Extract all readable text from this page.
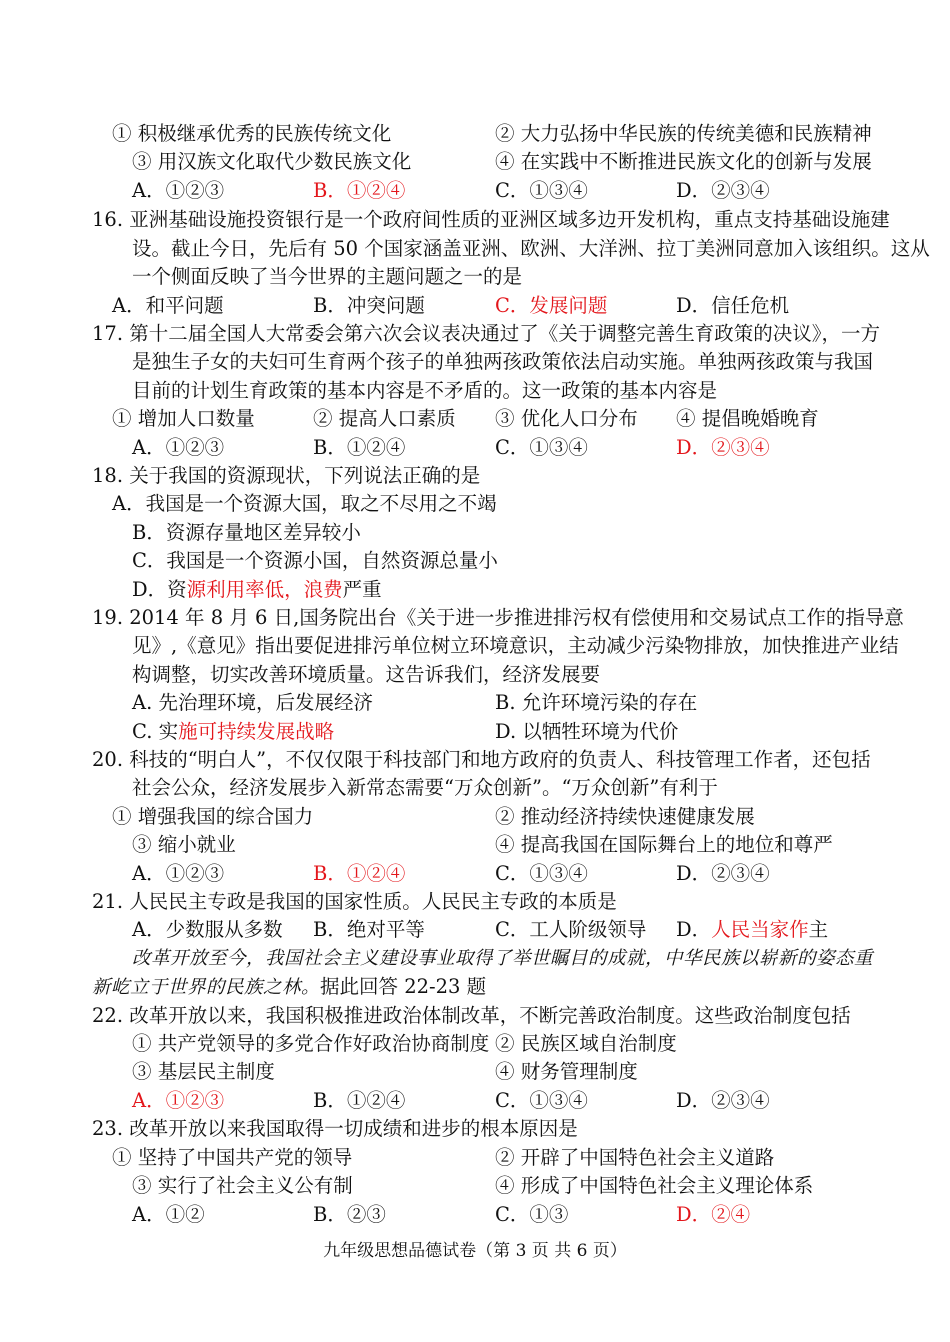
① 积极继承优秀的民族传统文化	② 大力弘扬中华民族的传统美德和民族精神
③ 用汉族文化取代少数民族文化	④ 在实践中不断推进民族文化的创新与发展
A．①②③	B．①②④	C．①③④	D．②③④
16. 亚洲基础设施投资银行是一个政府间性质的亚洲区域多边开发机构，重点支持基础设施建
设。截止今日，先后有 50 个国家涵盖亚洲、欧洲、大洋洲、拉丁美洲同意加入该组织。这从
一个侧面反映了当今世界的主题问题之一的是
A．和平问题	B．冲突问题	C．发展问题	D．信任危机
17. 第十二届全国人大常委会第六次会议表决通过了《关于调整完善生育政策的决议》，一方
是独生子女的夫妇可生育两个孩子的单独两孩政策依法启动实施。单独两孩政策与我国
目前的计划生育政策的基本内容是不矛盾的。这一政策的基本内容是
① 增加人口数量	② 提高人口素质 ③ 优化人口分布 ④ 提倡晚婚晚育
A．①②③	B．①②④	C．①③④	D．②③④
18. 关于我国的资源现状，下列说法正确的是
A．我国是一个资源大国，取之不尽用之不竭
B．资源存量地区差异较小
C．我国是一个资源小国，自然资源总量小
D．资源利用率低，浪费严重
19. 2014 年 8 月 6 日,国务院出台《关于进一步推进排污权有偿使用和交易试点工作的指导意
见》,《意见》指出要促进排污单位树立环境意识，主动减少污染物排放，加快推进产业结
构调整，切实改善环境质量。这告诉我们，经济发展要
A. 先治理环境，后发展经济	B. 允许环境污染的存在
C. 实施可持续发展战略	D. 以牺牲环境为代价
20. 科技的“明白人”，不仅仅限于科技部门和地方政府的负责人、科技管理工作者，还包括
社会公众，经济发展步入新常态需要“万众创新”。“万众创新”有利于
① 增强我国的综合国力	② 推动经济持续快速健康发展
③ 缩小就业	④ 提高我国在国际舞台上的地位和尊严
A．①②③	B．①②④	C．①③④	D．②③④
21. 人民民主专政是我国的国家性质。人民民主专政的本质是
A．少数服从多数 B．绝对平等	C．工人阶级领导 D．人民当家作主
改革开放至今，我国社会主义建设事业取得了举世瞩目的成就，中华民族以崭新的姿态重
新屹立于世界的民族之林。据此回答 22-23 题
22. 改革开放以来，我国积极推进政治体制改革，不断完善政治制度。这些政治制度包括
① 共产党领导的多党合作好政治协商制度 ② 民族区域自治制度
③ 基层民主制度	④ 财务管理制度
A．①②③	B．①②④	C．①③④	D．②③④
23. 改革开放以来我国取得一切成绩和进步的根本原因是
① 坚持了中国共产党的领导	② 开辟了中国特色社会主义道路
③ 实行了社会主义公有制	④ 形成了中国特色社会主义理论体系
A．①②	B．②③	C．①③	D．②④
九年级思想品德试卷（第 3 页 共 6 页）
